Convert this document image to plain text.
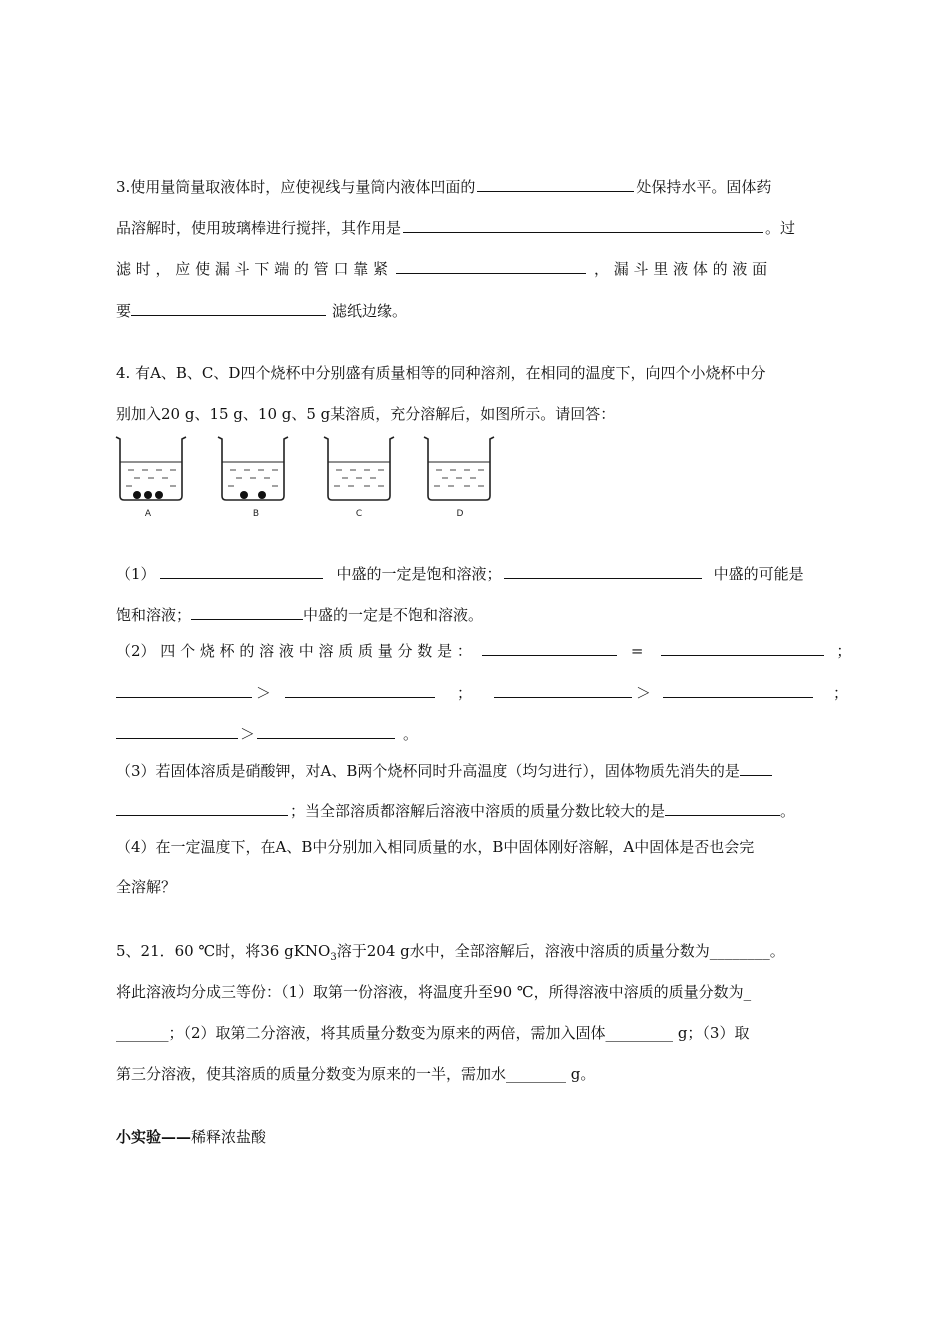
3.使用量筒量取液体时，应使视线与量筒内液体凹面的	处保持水平。固体药
品溶解时，使用玻璃棒进行搅拌，其作用是	。过
滤 时 ， 应 使 漏 斗 下 端 的 管 口 靠 紧	， 漏 斗 里 液 体 的 液 面
要	滤纸边缘。
4. 有A、B、C、D四个烧杯中分别盛有质量相等的同种溶剂，在相同的温度下，向四个小烧杯中分
别加入20 g、15 g、10 g、5 g某溶质，充分溶解后，如图所示。请回答：
A	B	C	D
（1）	中盛的一定是饱和溶液；	中盛的可能是
饱和溶液；	中盛的一定是不饱和溶液。
（2） 四 个 烧 杯 的 溶 液 中 溶 质 质 量 分 数 是 ：	=	；
＞	；	＞	；
＞	。
（3）若固体溶质是硝酸钾，对A、B两个烧杯同时升高温度（均匀进行），固体物质先消失的是
；当全部溶质都溶解后溶液中溶质的质量分数比较大的是	。
（4）在一定温度下，在A、B中分别加入相同质量的水，B中固体刚好溶解，A中固体是否也会完
全溶解？
5、21．60 ℃时，将36 gKNO$_3$溶于204 g水中，全部溶解后，溶液中溶质的质量分数为________。
将此溶液均分成三等份：（1）取第一份溶液，将温度升至90 ℃，所得溶液中溶质的质量分数为_
_______；（2）取第二分溶液，将其质量分数变为原来的两倍，需加入固体_________ g；（3）取
第三分溶液，使其溶质的质量分数变为原来的一半，需加水________ g。
小实验——稀释浓盐酸
